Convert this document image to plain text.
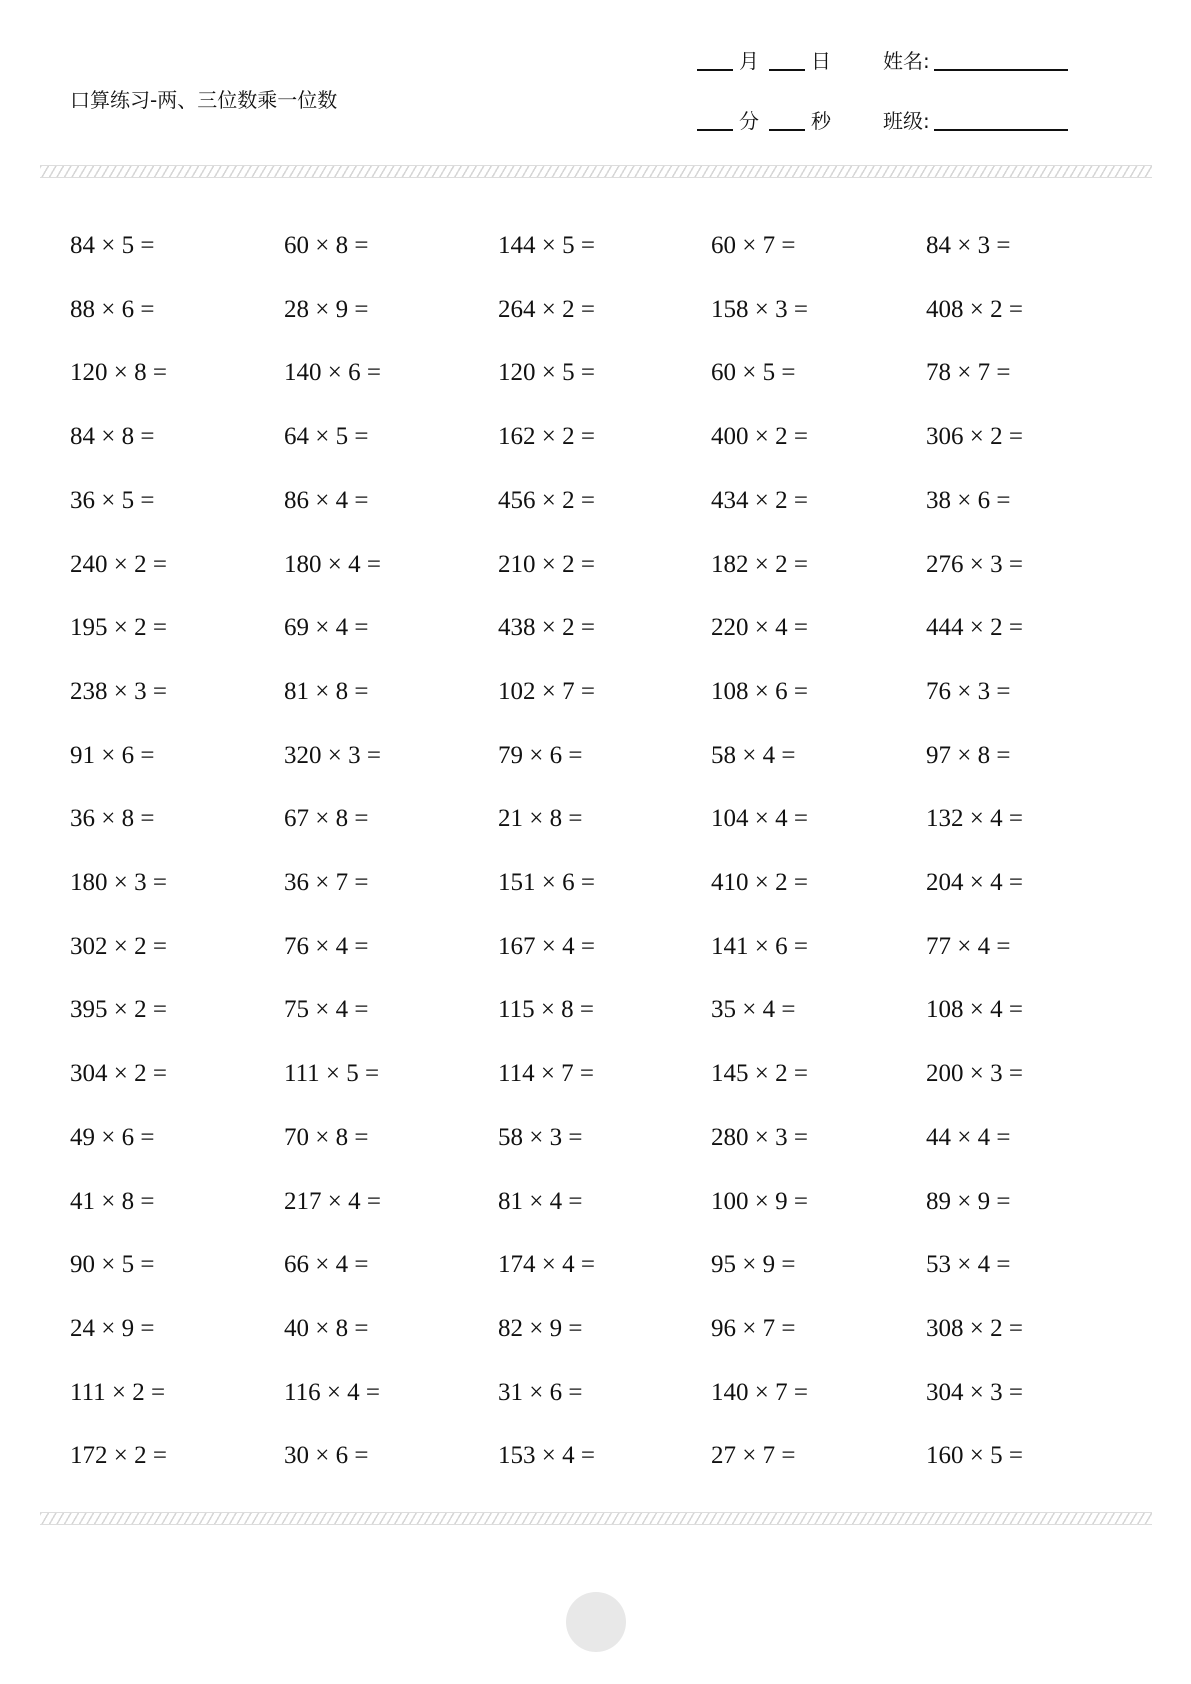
口算练习-两、三位数乘一位数
月	日	姓名:
分	秒	班级:
84 × 5 =	60 × 8 =	144 × 5 =	60 × 7 =	84 × 3 =
88 × 6 =	28 × 9 =	264 × 2 =	158 × 3 =	408 × 2 =
120 × 8 =	140 × 6 =	120 × 5 =	60 × 5 =	78 × 7 =
84 × 8 =	64 × 5 =	162 × 2 =	400 × 2 =	306 × 2 =
36 × 5 =	86 × 4 =	456 × 2 =	434 × 2 =	38 × 6 =
240 × 2 =	180 × 4 =	210 × 2 =	182 × 2 =	276 × 3 =
195 × 2 =	69 × 4 =	438 × 2 =	220 × 4 =	444 × 2 =
238 × 3 =	81 × 8 =	102 × 7 =	108 × 6 =	76 × 3 =
91 × 6 =	320 × 3 =	79 × 6 =	58 × 4 =	97 × 8 =
36 × 8 =	67 × 8 =	21 × 8 =	104 × 4 =	132 × 4 =
180 × 3 =	36 × 7 =	151 × 6 =	410 × 2 =	204 × 4 =
302 × 2 =	76 × 4 =	167 × 4 =	141 × 6 =	77 × 4 =
395 × 2 =	75 × 4 =	115 × 8 =	35 × 4 =	108 × 4 =
304 × 2 =	111 × 5 =	114 × 7 =	145 × 2 =	200 × 3 =
49 × 6 =	70 × 8 =	58 × 3 =	280 × 3 =	44 × 4 =
41 × 8 =	217 × 4 =	81 × 4 =	100 × 9 =	89 × 9 =
90 × 5 =	66 × 4 =	174 × 4 =	95 × 9 =	53 × 4 =
24 × 9 =	40 × 8 =	82 × 9 =	96 × 7 =	308 × 2 =
111 × 2 =	116 × 4 =	31 × 6 =	140 × 7 =	304 × 3 =
172 × 2 =	30 × 6 =	153 × 4 =	27 × 7 =	160 × 5 =
